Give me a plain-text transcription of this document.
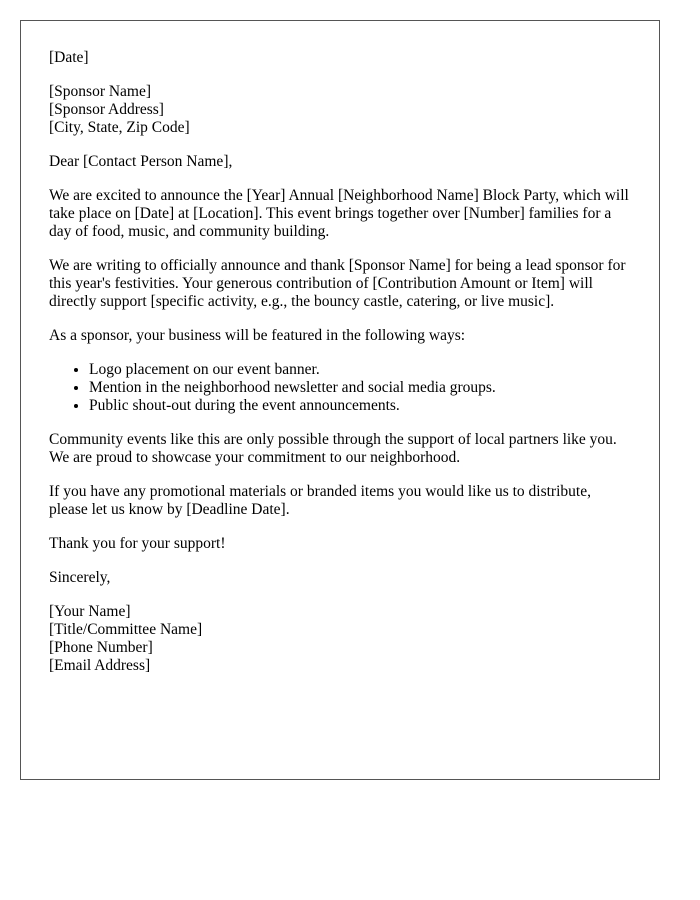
[Date]

[Sponsor Name]
[Sponsor Address]
[City, State, Zip Code]

Dear [Contact Person Name],

We are excited to announce the [Year] Annual [Neighborhood Name] Block Party, which will take place on [Date] at [Location]. This event brings together over [Number] families for a day of food, music, and community building.

We are writing to officially announce and thank [Sponsor Name] for being a lead sponsor for this year's festivities. Your generous contribution of [Contribution Amount or Item] will directly support [specific activity, e.g., the bouncy castle, catering, or live music].

As a sponsor, your business will be featured in the following ways:

• Logo placement on our event banner.
• Mention in the neighborhood newsletter and social media groups.
• Public shout-out during the event announcements.

Community events like this are only possible through the support of local partners like you. We are proud to showcase your commitment to our neighborhood.

If you have any promotional materials or branded items you would like us to distribute, please let us know by [Deadline Date].

Thank you for your support!

Sincerely,

[Your Name]
[Title/Committee Name]
[Phone Number]
[Email Address]
